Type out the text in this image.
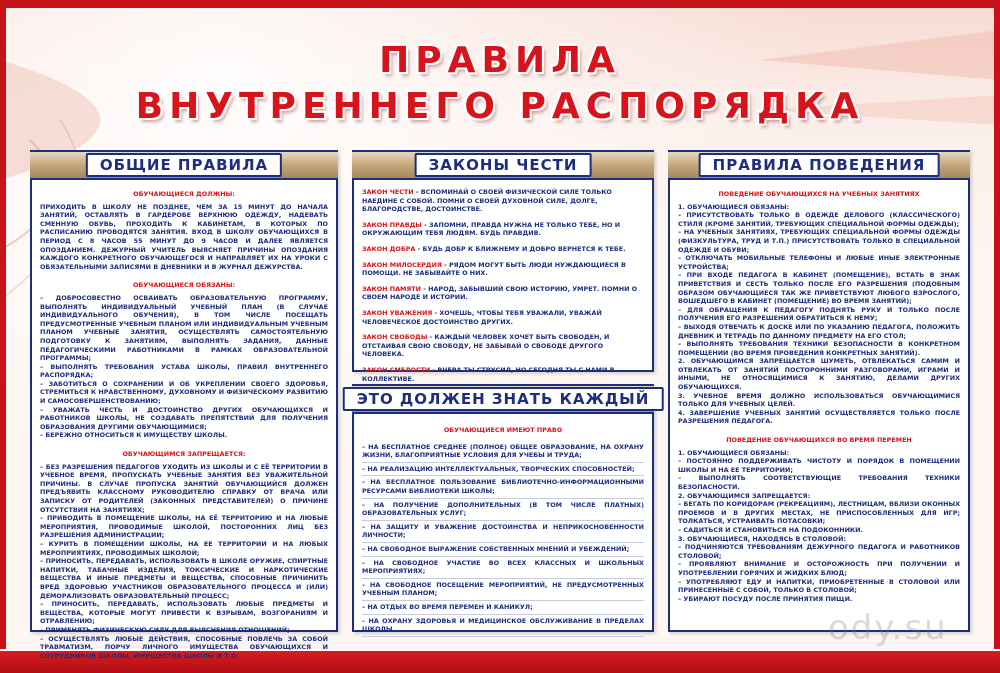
ПРАВИЛА
ВНУТРЕННЕГО РАСПОРЯДКА
ОБЩИЕ ПРАВИЛА

ОБУЧАЮЩИЕСЯ ДОЛЖНЫ:

ПРИХОДИТЬ В ШКОЛУ НЕ ПОЗДНЕЕ, ЧЕМ ЗА 15 МИНУТ ДО НАЧАЛА ЗАНЯТИЙ, ОСТАВЛЯТЬ В ГАРДЕРОБЕ ВЕРХНЮЮ ОДЕЖДУ, НАДЕВАТЬ СМЕННУЮ ОБУВЬ, ПРОХОДИТЬ К КАБИНЕТАМ, В КОТОРЫХ ПО РАСПИСАНИЮ ПРОВОДЯТСЯ ЗАНЯТИЯ. ВХОД В ШКОЛУ ОБУЧАЮЩИХСЯ В ПЕРИОД С 8 ЧАСОВ 55 МИНУТ ДО 9 ЧАСОВ И ДАЛЕЕ ЯВЛЯЕТСЯ ОПОЗДАНИЕМ. ДЕЖУРНЫЙ УЧИТЕЛЬ ВЫЯСНЯЕТ ПРИЧИНЫ ОПОЗДАНИЯ КАЖДОГО КОНКРЕТНОГО ОБУЧАЮЩЕГОСЯ И НАПРАВЛЯЕТ ИХ НА УРОКИ С ОБЯЗАТЕЛЬНЫМИ ЗАПИСЯМИ В ДНЕВНИКИ И В ЖУРНАЛ ДЕЖУРСТВА.

ОБУЧАЮЩИЕСЯ ОБЯЗАНЫ:

– ДОБРОСОВЕСТНО ОСВАИВАТЬ ОБРАЗОВАТЕЛЬНУЮ ПРОГРАММУ, ВЫПОЛНЯТЬ ИНДИВИДУАЛЬНЫЙ УЧЕБНЫЙ ПЛАН (В СЛУЧАЕ ИНДИВИДУАЛЬНОГО ОБУЧЕНИЯ), В ТОМ ЧИСЛЕ ПОСЕЩАТЬ ПРЕДУСМОТРЕННЫЕ УЧЕБНЫМ ПЛАНОМ ИЛИ ИНДИВИДУАЛЬНЫМ УЧЕБНЫМ ПЛАНОМ УЧЕБНЫЕ ЗАНЯТИЯ, ОСУЩЕСТВЛЯТЬ САМОСТОЯТЕЛЬНУЮ ПОДГОТОВКУ К ЗАНЯТИЯМ, ВЫПОЛНЯТЬ ЗАДАНИЯ, ДАННЫЕ ПЕДАГОГИЧЕСКИМИ РАБОТНИКАМИ В РАМКАХ ОБРАЗОВАТЕЛЬНОЙ ПРОГРАММЫ;

– ВЫПОЛНЯТЬ ТРЕБОВАНИЯ УСТАВА ШКОЛЫ, ПРАВИЛ ВНУТРЕННЕГО РАСПОРЯДКА;

– ЗАБОТИТЬСЯ О СОХРАНЕНИИ И ОБ УКРЕПЛЕНИИ СВОЕГО ЗДОРОВЬЯ, СТРЕМИТЬСЯ К НРАВСТВЕННОМУ, ДУХОВНОМУ И ФИЗИЧЕСКОМУ РАЗВИТИЮ И САМОСОВЕРШЕНСТВОВАНИЮ;

– УВАЖАТЬ ЧЕСТЬ И ДОСТОИНСТВО ДРУГИХ ОБУЧАЮЩИХСЯ И РАБОТНИКОВ ШКОЛЫ, НЕ СОЗДАВАТЬ ПРЕПЯТСТВИЙ ДЛЯ ПОЛУЧЕНИЯ ОБРАЗОВАНИЯ ДРУГИМИ ОБУЧАЮЩИМИСЯ;

– БЕРЕЖНО ОТНОСИТЬСЯ К ИМУЩЕСТВУ ШКОЛЫ.

ОБУЧАЮЩИМСЯ ЗАПРЕЩАЕТСЯ:

– БЕЗ РАЗРЕШЕНИЯ ПЕДАГОГОВ УХОДИТЬ ИЗ ШКОЛЫ И С ЕЁ ТЕРРИТОРИИ В УЧЕБНОЕ ВРЕМЯ, ПРОПУСКАТЬ УЧЕБНЫЕ ЗАНЯТИЯ БЕЗ УВАЖИТЕЛЬНОЙ ПРИЧИНЫ. В СЛУЧАЕ ПРОПУСКА ЗАНЯТИЙ ОБУЧАЮЩИЙСЯ ДОЛЖЕН ПРЕДЪЯВИТЬ КЛАССНОМУ РУКОВОДИТЕЛЮ СПРАВКУ ОТ ВРАЧА ИЛИ ЗАПИСКУ ОТ РОДИТЕЛЕЙ (ЗАКОННЫХ ПРЕДСТАВИТЕЛЕЙ) О ПРИЧИНЕ ОТСУТСТВИЯ НА ЗАНЯТИЯХ;

– ПРИВОДИТЬ В ПОМЕЩЕНИЕ ШКОЛЫ, НА ЕЁ ТЕРРИТОРИЮ И НА ЛЮБЫЕ МЕРОПРИЯТИЯ, ПРОВОДИМЫЕ ШКОЛОЙ, ПОСТОРОННИХ ЛИЦ БЕЗ РАЗРЕШЕНИЯ АДМИНИСТРАЦИИ;

– КУРИТЬ В ПОМЕЩЕНИИ ШКОЛЫ, НА ЕЕ ТЕРРИТОРИИ И НА ЛЮБЫХ МЕРОПРИЯТИЯХ, ПРОВОДИМЫХ ШКОЛОЙ;

– ПРИНОСИТЬ, ПЕРЕДАВАТЬ, ИСПОЛЬЗОВАТЬ В ШКОЛЕ ОРУЖИЕ, СПИРТНЫЕ НАПИТКИ, ТАБАЧНЫЕ ИЗДЕЛИЯ, ТОКСИЧЕСКИЕ И НАРКОТИЧЕСКИЕ ВЕЩЕСТВА И ИНЫЕ ПРЕДМЕТЫ И ВЕЩЕСТВА, СПОСОБНЫЕ ПРИЧИНИТЬ ВРЕД ЗДОРОВЬЮ УЧАСТНИКОВ ОБРАЗОВАТЕЛЬНОГО ПРОЦЕССА И (ИЛИ) ДЕМОРАЛИЗОВАТЬ ОБРАЗОВАТЕЛЬНЫЙ ПРОЦЕСС;

– ПРИНОСИТЬ, ПЕРЕДАВАТЬ, ИСПОЛЬЗОВАТЬ ЛЮБЫЕ ПРЕДМЕТЫ И ВЕЩЕСТВА, КОТОРЫЕ МОГУТ ПРИВЕСТИ К ВЗРЫВАМ, ВОЗГОРАНИЯМ И ОТРАВЛЕНИЮ;

– ПРИМЕНЯТЬ ФИЗИЧЕСКУЮ СИЛУ ДЛЯ ВЫЯСНЕНИЯ ОТНОШЕНИЙ;

– ОСУЩЕСТВЛЯТЬ ЛЮБЫЕ ДЕЙСТВИЯ, СПОСОБНЫЕ ПОВЛЕЧЬ ЗА СОБОЙ ТРАВМАТИЗМ, ПОРЧУ ЛИЧНОГО ИМУЩЕСТВА ОБУЧАЮЩИХСЯ И СОТРУДНИКОВ ШКОЛЫ, ИМУЩЕСТВА ШКОЛЫ И Т.П.

ЗАКОНЫ ЧЕСТИ

ЗАКОН ЧЕСТИ - ВСПОМИНАЙ О СВОЕЙ ФИЗИЧЕСКОЙ СИЛЕ ТОЛЬКО НАЕДИНЕ С СОБОЙ. ПОМНИ О СВОЕЙ ДУХОВНОЙ СИЛЕ, ДОЛГЕ, БЛАГОРОДСТВЕ, ДОСТОИНСТВЕ.

ЗАКОН ПРАВДЫ - ЗАПОМНИ, ПРАВДА НУЖНА НЕ ТОЛЬКО ТЕБЕ, НО И ОКРУЖАЮЩИМ ТЕБЯ ЛЮДЯМ. БУДЬ ПРАВДИВ.

ЗАКОН ДОБРА - БУДЬ ДОБР К БЛИЖНЕМУ И ДОБРО ВЕРНЕТСЯ К ТЕБЕ.

ЗАКОН МИЛОСЕРДИЯ - РЯДОМ МОГУТ БЫТЬ ЛЮДИ НУЖДАЮЩИЕСЯ В ПОМОЩИ. НЕ ЗАБЫВАЙТЕ О НИХ.

ЗАКОН ПАМЯТИ - НАРОД, ЗАБЫВШИЙ СВОЮ ИСТОРИЮ, УМРЕТ. ПОМНИ О СВОЕМ НАРОДЕ И ИСТОРИИ.

ЗАКОН УВАЖЕНИЯ - ХОЧЕШЬ, ЧТОБЫ ТЕБЯ УВАЖАЛИ, УВАЖАЙ ЧЕЛОВЕЧЕСКОЕ ДОСТОИНСТВО ДРУГИХ.

ЗАКОН СВОБОДЫ - КАЖДЫЙ ЧЕЛОВЕК ХОЧЕТ БЫТЬ СВОБОДЕН, И ОТСТАИВАЯ СВОЮ СВОБОДУ, НЕ ЗАБЫВАЙ О СВОБОДЕ ДРУГОГО ЧЕЛОВЕКА.

ЗАКОН СМЕЛОСТИ - ВЧЕРА ТЫ СТРУСИЛ, НО СЕГОДНЯ ТЫ С НАМИ В КОЛЛЕКТИВЕ.

ЭТО ДОЛЖЕН ЗНАТЬ КАЖДЫЙ

ОБУЧАЮЩИЕСЯ ИМЕЮТ ПРАВО

– НА БЕСПЛАТНОЕ СРЕДНЕЕ (ПОЛНОЕ) ОБЩЕЕ ОБРАЗОВАНИЕ, НА ОХРАНУ ЖИЗНИ, БЛАГОПРИЯТНЫЕ УСЛОВИЯ ДЛЯ УЧЕБЫ И ТРУДА;

– НА РЕАЛИЗАЦИЮ ИНТЕЛЛЕКТУАЛЬНЫХ, ТВОРЧЕСКИХ СПОСОБНОСТЕЙ;

– НА БЕСПЛАТНОЕ ПОЛЬЗОВАНИЕ БИБЛИОТЕЧНО-ИНФОРМАЦИОННЫМИ РЕСУРСАМИ БИБЛИОТЕКИ ШКОЛЫ;

– НА ПОЛУЧЕНИЕ ДОПОЛНИТЕЛЬНЫХ (В ТОМ ЧИСЛЕ ПЛАТНЫХ) ОБРАЗОВАТЕЛЬНЫХ УСЛУГ;

– НА ЗАЩИТУ И УВАЖЕНИЕ ДОСТОИНСТВА И НЕПРИКОСНОВЕННОСТИ ЛИЧНОСТИ;

– НА СВОБОДНОЕ ВЫРАЖЕНИЕ СОБСТВЕННЫХ МНЕНИЙ И УБЕЖДЕНИЙ;

– НА СВОБОДНОЕ УЧАСТИЕ ВО ВСЕХ КЛАССНЫХ И ШКОЛЬНЫХ МЕРОПРИЯТИЯХ;

– НА СВОБОДНОЕ ПОСЕЩЕНИЕ МЕРОПРИЯТИЙ, НЕ ПРЕДУСМОТРЕННЫХ УЧЕБНЫМ ПЛАНОМ;

– НА ОТДЫХ ВО ВРЕМЯ ПЕРЕМЕН И КАНИКУЛ;

– НА ОХРАНУ ЗДОРОВЬЯ И МЕДИЦИНСКОЕ ОБСЛУЖИВАНИЕ В ПРЕДЕЛАХ ШКОЛЫ.

ПРАВИЛА ПОВЕДЕНИЯ

ПОВЕДЕНИЕ ОБУЧАЮЩИХСЯ НА УЧЕБНЫХ ЗАНЯТИЯХ

1. ОБУЧАЮЩИЕСЯ ОБЯЗАНЫ:

– ПРИСУТСТВОВАТЬ ТОЛЬКО В ОДЕЖДЕ ДЕЛОВОГО (КЛАССИЧЕСКОГО) СТИЛЯ (КРОМЕ ЗАНЯТИЙ, ТРЕБУЮЩИХ СПЕЦИАЛЬНОЙ ФОРМЫ ОДЕЖДЫ);

– НА УЧЕБНЫХ ЗАНЯТИЯХ, ТРЕБУЮЩИХ СПЕЦИАЛЬНОЙ ФОРМЫ ОДЕЖДЫ (ФИЗКУЛЬТУРА, ТРУД И Т.П.) ПРИСУТСТВОВАТЬ ТОЛЬКО В СПЕЦИАЛЬНОЙ ОДЕЖДЕ И ОБУВИ;

– ОТКЛЮЧАТЬ МОБИЛЬНЫЕ ТЕЛЕФОНЫ И ЛЮБЫЕ ИНЫЕ ЭЛЕКТРОННЫЕ УСТРОЙСТВА;

– ПРИ ВХОДЕ ПЕДАГОГА В КАБИНЕТ (ПОМЕЩЕНИЕ), ВСТАТЬ В ЗНАК ПРИВЕТСТВИЯ И СЕСТЬ ТОЛЬКО ПОСЛЕ ЕГО РАЗРЕШЕНИЯ (ПОДОБНЫМ ОБРАЗОМ ОБУЧАЮЩИЕСЯ ТАК ЖЕ ПРИВЕТСТВУЮТ ЛЮБОГО ВЗРОСЛОГО, ВОШЕДШЕГО В КАБИНЕТ (ПОМЕЩЕНИЕ) ВО ВРЕМЯ ЗАНЯТИЙ);

– ДЛЯ ОБРАЩЕНИЯ К ПЕДАГОГУ ПОДНЯТЬ РУКУ И ТОЛЬКО ПОСЛЕ ПОЛУЧЕНИЯ ЕГО РАЗРЕШЕНИЯ ОБРАТИТЬСЯ К НЕМУ;

– ВЫХОДЯ ОТВЕЧАТЬ К ДОСКЕ ИЛИ ПО УКАЗАНИЮ ПЕДАГОГА, ПОЛОЖИТЬ ДНЕВНИК И ТЕТРАДЬ ПО ДАННОМУ ПРЕДМЕТУ НА ЕГО СТОЛ;

– ВЫПОЛНЯТЬ ТРЕБОВАНИЯ ТЕХНИКИ БЕЗОПАСНОСТИ В КОНКРЕТНОМ ПОМЕЩЕНИИ (ВО ВРЕМЯ ПРОВЕДЕНИЯ КОНКРЕТНЫХ ЗАНЯТИЙ).

2. ОБУЧАЮЩИМСЯ ЗАПРЕЩАЕТСЯ ШУМЕТЬ, ОТВЛЕКАТЬСЯ САМИМ И ОТВЛЕКАТЬ ОТ ЗАНЯТИЙ ПОСТОРОННИМИ РАЗГОВОРАМИ, ИГРАМИ И ИНЫМИ, НЕ ОТНОСЯЩИМИСЯ К ЗАНЯТИЮ, ДЕЛАМИ ДРУГИХ ОБУЧАЮЩИХСЯ.

3. УЧЕБНОЕ ВРЕМЯ ДОЛЖНО ИСПОЛЬЗОВАТЬСЯ ОБУЧАЮЩИМИСЯ ТОЛЬКО ДЛЯ УЧЕБНЫХ ЦЕЛЕЙ.

4. ЗАВЕРШЕНИЕ УЧЕБНЫХ ЗАНЯТИЙ ОСУЩЕСТВЛЯЕТСЯ ТОЛЬКО ПОСЛЕ РАЗРЕШЕНИЯ ПЕДАГОГА.

ПОВЕДЕНИЕ ОБУЧАЮЩИХСЯ ВО ВРЕМЯ ПЕРЕМЕН

1. ОБУЧАЮЩИЕСЯ ОБЯЗАНЫ:

– ПОСТОЯННО ПОДДЕРЖИВАТЬ ЧИСТОТУ И ПОРЯДОК В ПОМЕЩЕНИИ ШКОЛЫ И НА ЕЕ ТЕРРИТОРИИ;

– ВЫПОЛНЯТЬ СООТВЕТСТВУЮЩИЕ ТРЕБОВАНИЯ ТЕХНИКИ БЕЗОПАСНОСТИ.

2. ОБУЧАЮЩИМСЯ ЗАПРЕЩАЕТСЯ:

– БЕГАТЬ ПО КОРИДОРАМ (РЕКРЕАЦИЯМ), ЛЕСТНИЦАМ, ВБЛИЗИ ОКОННЫХ ПРОЕМОВ И В ДРУГИХ МЕСТАХ, НЕ ПРИСПОСОБЛЕННЫХ ДЛЯ ИГР; ТОЛКАТЬСЯ, УСТРАИВАТЬ ПОТАСОВКИ;

– САДИТЬСЯ И СТАНОВИТЬСЯ НА ПОДОКОННИКИ.

3. ОБУЧАЮЩИЕСЯ, НАХОДЯСЬ В СТОЛОВОЙ:

– ПОДЧИНЯЮТСЯ ТРЕБОВАНИЯМ ДЕЖУРНОГО ПЕДАГОГА И РАБОТНИКОВ СТОЛОВОЙ;

– ПРОЯВЛЯЮТ ВНИМАНИЕ И ОСТОРОЖНОСТЬ ПРИ ПОЛУЧЕНИИ И УПОТРЕБЛЕНИИ ГОРЯЧИХ И ЖИДКИХ БЛЮД;

– УПОТРЕБЛЯЮТ ЕДУ И НАПИТКИ, ПРИОБРЕТЕННЫЕ В СТОЛОВОЙ ИЛИ ПРИНЕСЕННЫЕ С СОБОЙ, ТОЛЬКО В СТОЛОВОЙ;

– УБИРАЮТ ПОСУДУ ПОСЛЕ ПРИНЯТИЯ ПИЩИ.

ody.su
